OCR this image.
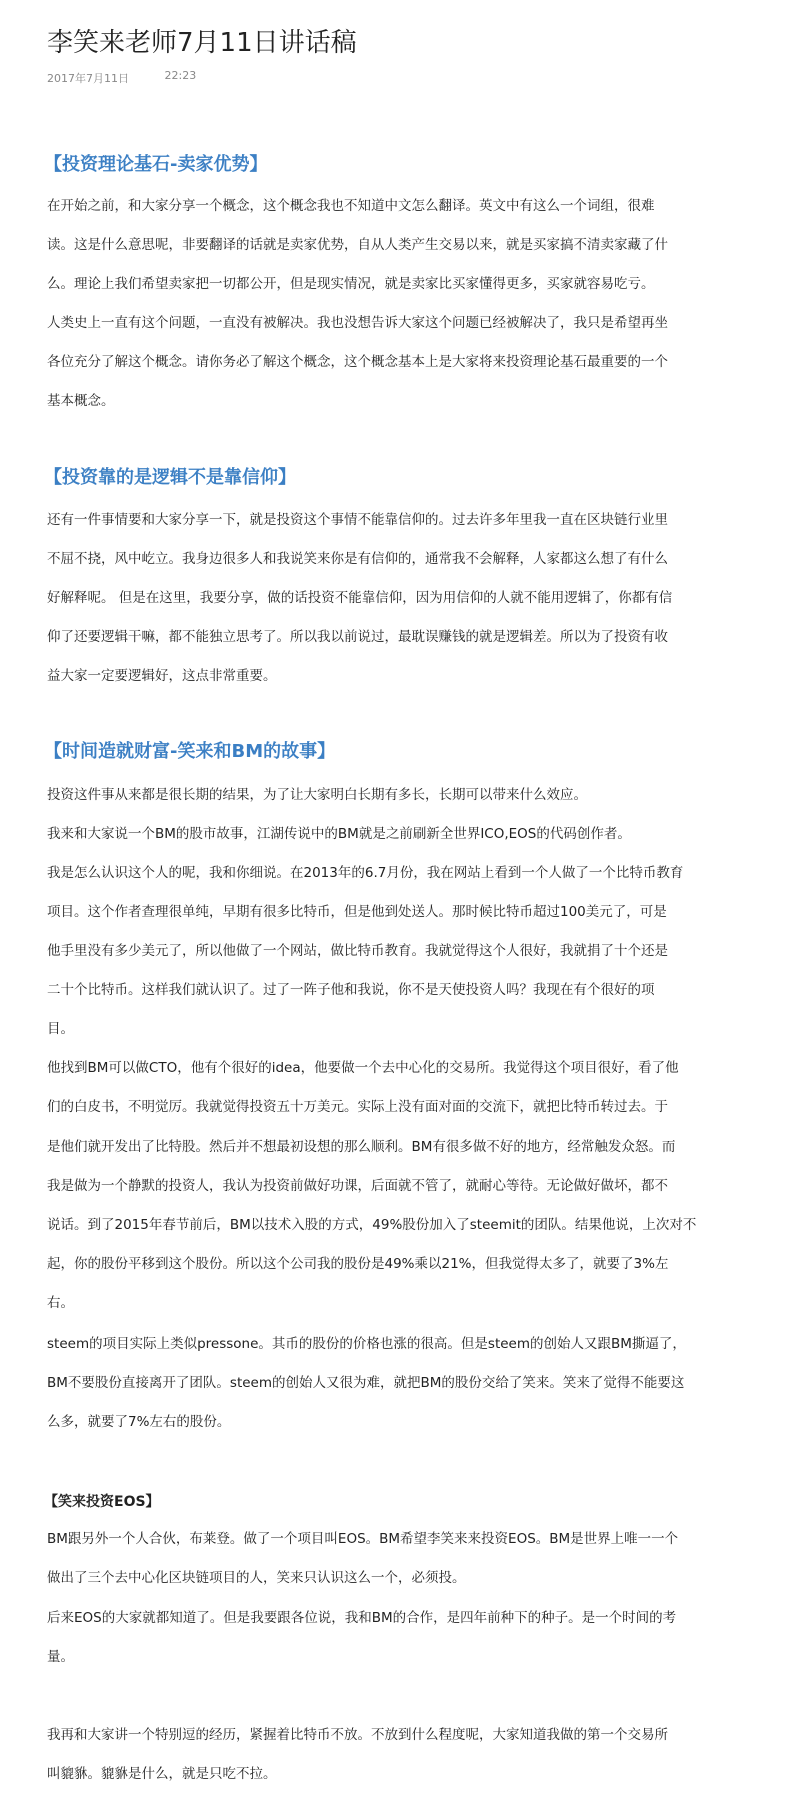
李笑来老师7月11日讲话稿
2017年7月11日	22:23
【投资理论基石-卖家优势】
在开始之前，和大家分享一个概念，这个概念我也不知道中文怎么翻译。英文中有这么一个词组，很难
读。这是什么意思呢，非要翻译的话就是卖家优势，自从人类产生交易以来，就是买家搞不清卖家藏了什
么。理论上我们希望卖家把一切都公开，但是现实情况，就是卖家比买家懂得更多，买家就容易吃亏。
人类史上一直有这个问题，一直没有被解决。我也没想告诉大家这个问题已经被解决了，我只是希望再坐
各位充分了解这个概念。请你务必了解这个概念，这个概念基本上是大家将来投资理论基石最重要的一个
基本概念。
【投资靠的是逻辑不是靠信仰】
还有一件事情要和大家分享一下，就是投资这个事情不能靠信仰的。过去许多年里我一直在区块链行业里
不屈不挠，风中屹立。我身边很多人和我说笑来你是有信仰的，通常我不会解释，人家都这么想了有什么
好解释呢。 但是在这里，我要分享，做的话投资不能靠信仰，因为用信仰的人就不能用逻辑了，你都有信
仰了还要逻辑干嘛，都不能独立思考了。所以我以前说过，最耽误赚钱的就是逻辑差。所以为了投资有收
益大家一定要逻辑好，这点非常重要。
【时间造就财富-笑来和BM的故事】
投资这件事从来都是很长期的结果，为了让大家明白长期有多长，长期可以带来什么效应。
我来和大家说一个BM的股市故事，江湖传说中的BM就是之前刷新全世界ICO,EOS的代码创作者。
我是怎么认识这个人的呢，我和你细说。在2013年的6.7月份，我在网站上看到一个人做了一个比特币教育
项目。这个作者查理很单纯，早期有很多比特币，但是他到处送人。那时候比特币超过100美元了，可是
他手里没有多少美元了，所以他做了一个网站，做比特币教育。我就觉得这个人很好，我就捐了十个还是
二十个比特币。这样我们就认识了。过了一阵子他和我说，你不是天使投资人吗？我现在有个很好的项
目。
他找到BM可以做CTO，他有个很好的idea，他要做一个去中心化的交易所。我觉得这个项目很好，看了他
们的白皮书，不明觉厉。我就觉得投资五十万美元。实际上没有面对面的交流下，就把比特币转过去。于
是他们就开发出了比特股。然后并不想最初设想的那么顺利。BM有很多做不好的地方，经常触发众怒。而
我是做为一个静默的投资人，我认为投资前做好功课，后面就不管了，就耐心等待。无论做好做坏，都不
说话。到了2015年春节前后，BM以技术入股的方式，49%股份加入了steemit的团队。结果他说，上次对不
起，你的股份平移到这个股份。所以这个公司我的股份是49%乘以21%，但我觉得太多了，就要了3%左
右。
steem的项目实际上类似pressone。其币的股份的价格也涨的很高。但是steem的创始人又跟BM撕逼了，
BM不要股份直接离开了团队。steem的创始人又很为难，就把BM的股份交给了笑来。笑来了觉得不能要这
么多，就要了7%左右的股份。
【笑来投资EOS】
BM跟另外一个人合伙，布莱登。做了一个项目叫EOS。BM希望李笑来来投资EOS。BM是世界上唯一一个
做出了三个去中心化区块链项目的人，笑来只认识这么一个，必须投。
后来EOS的大家就都知道了。但是我要跟各位说，我和BM的合作，是四年前种下的种子。是一个时间的考
量。
我再和大家讲一个特别逗的经历，紧握着比特币不放。不放到什么程度呢，大家知道我做的第一个交易所
叫貔貅。貔貅是什么，就是只吃不拉。
